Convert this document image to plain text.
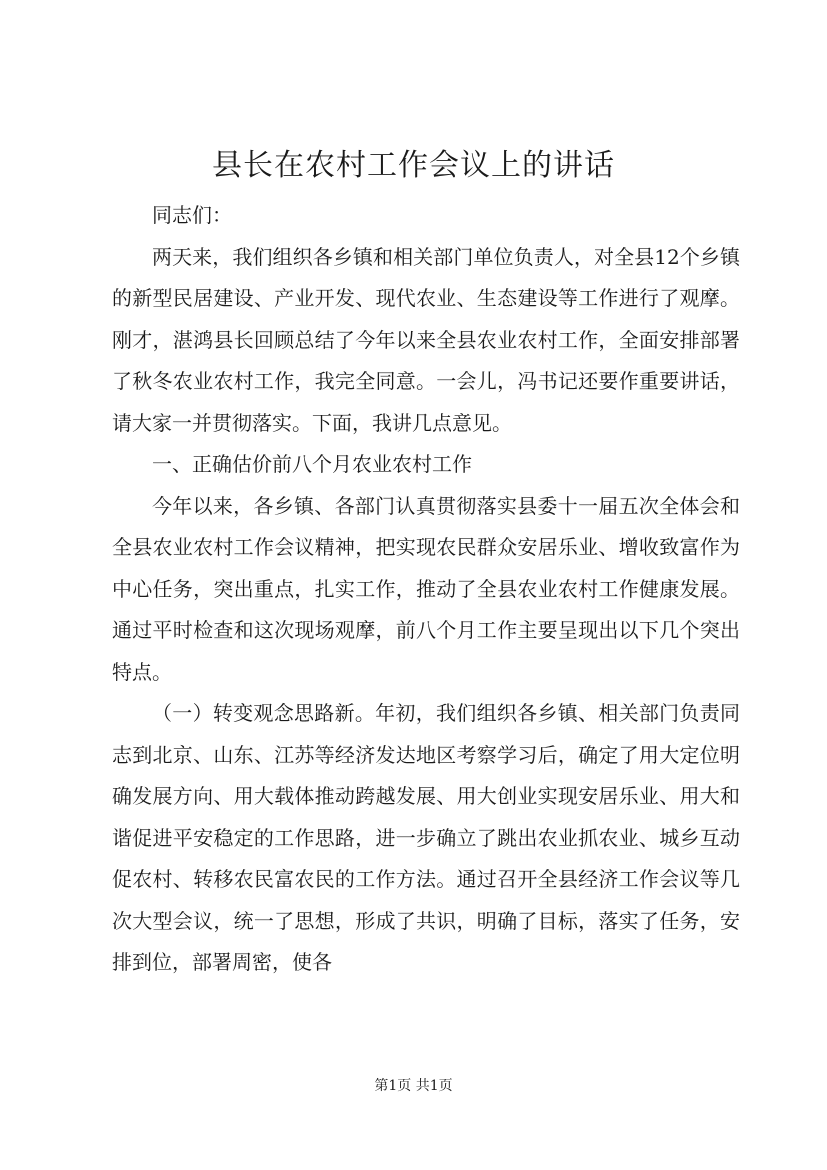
县长在农村工作会议上的讲话

同志们：

两天来，我们组织各乡镇和相关部门单位负责人，对全县12个乡镇的新型民居建设、产业开发、现代农业、生态建设等工作进行了观摩。刚才，湛鸿县长回顾总结了今年以来全县农业农村工作，全面安排部署了秋冬农业农村工作，我完全同意。一会儿，冯书记还要作重要讲话，请大家一并贯彻落实。下面，我讲几点意见。

一、正确估价前八个月农业农村工作

今年以来，各乡镇、各部门认真贯彻落实县委十一届五次全体会和全县农业农村工作会议精神，把实现农民群众安居乐业、增收致富作为中心任务，突出重点，扎实工作，推动了全县农业农村工作健康发展。通过平时检查和这次现场观摩，前八个月工作主要呈现出以下几个突出特点。

（一）转变观念思路新。年初，我们组织各乡镇、相关部门负责同志到北京、山东、江苏等经济发达地区考察学习后，确定了用大定位明确发展方向、用大载体推动跨越发展、用大创业实现安居乐业、用大和谐促进平安稳定的工作思路，进一步确立了跳出农业抓农业、城乡互动促农村、转移农民富农民的工作方法。通过召开全县经济工作会议等几次大型会议，统一了思想，形成了共识，明确了目标，落实了任务，安排到位，部署周密，使各

第1页 共1页
